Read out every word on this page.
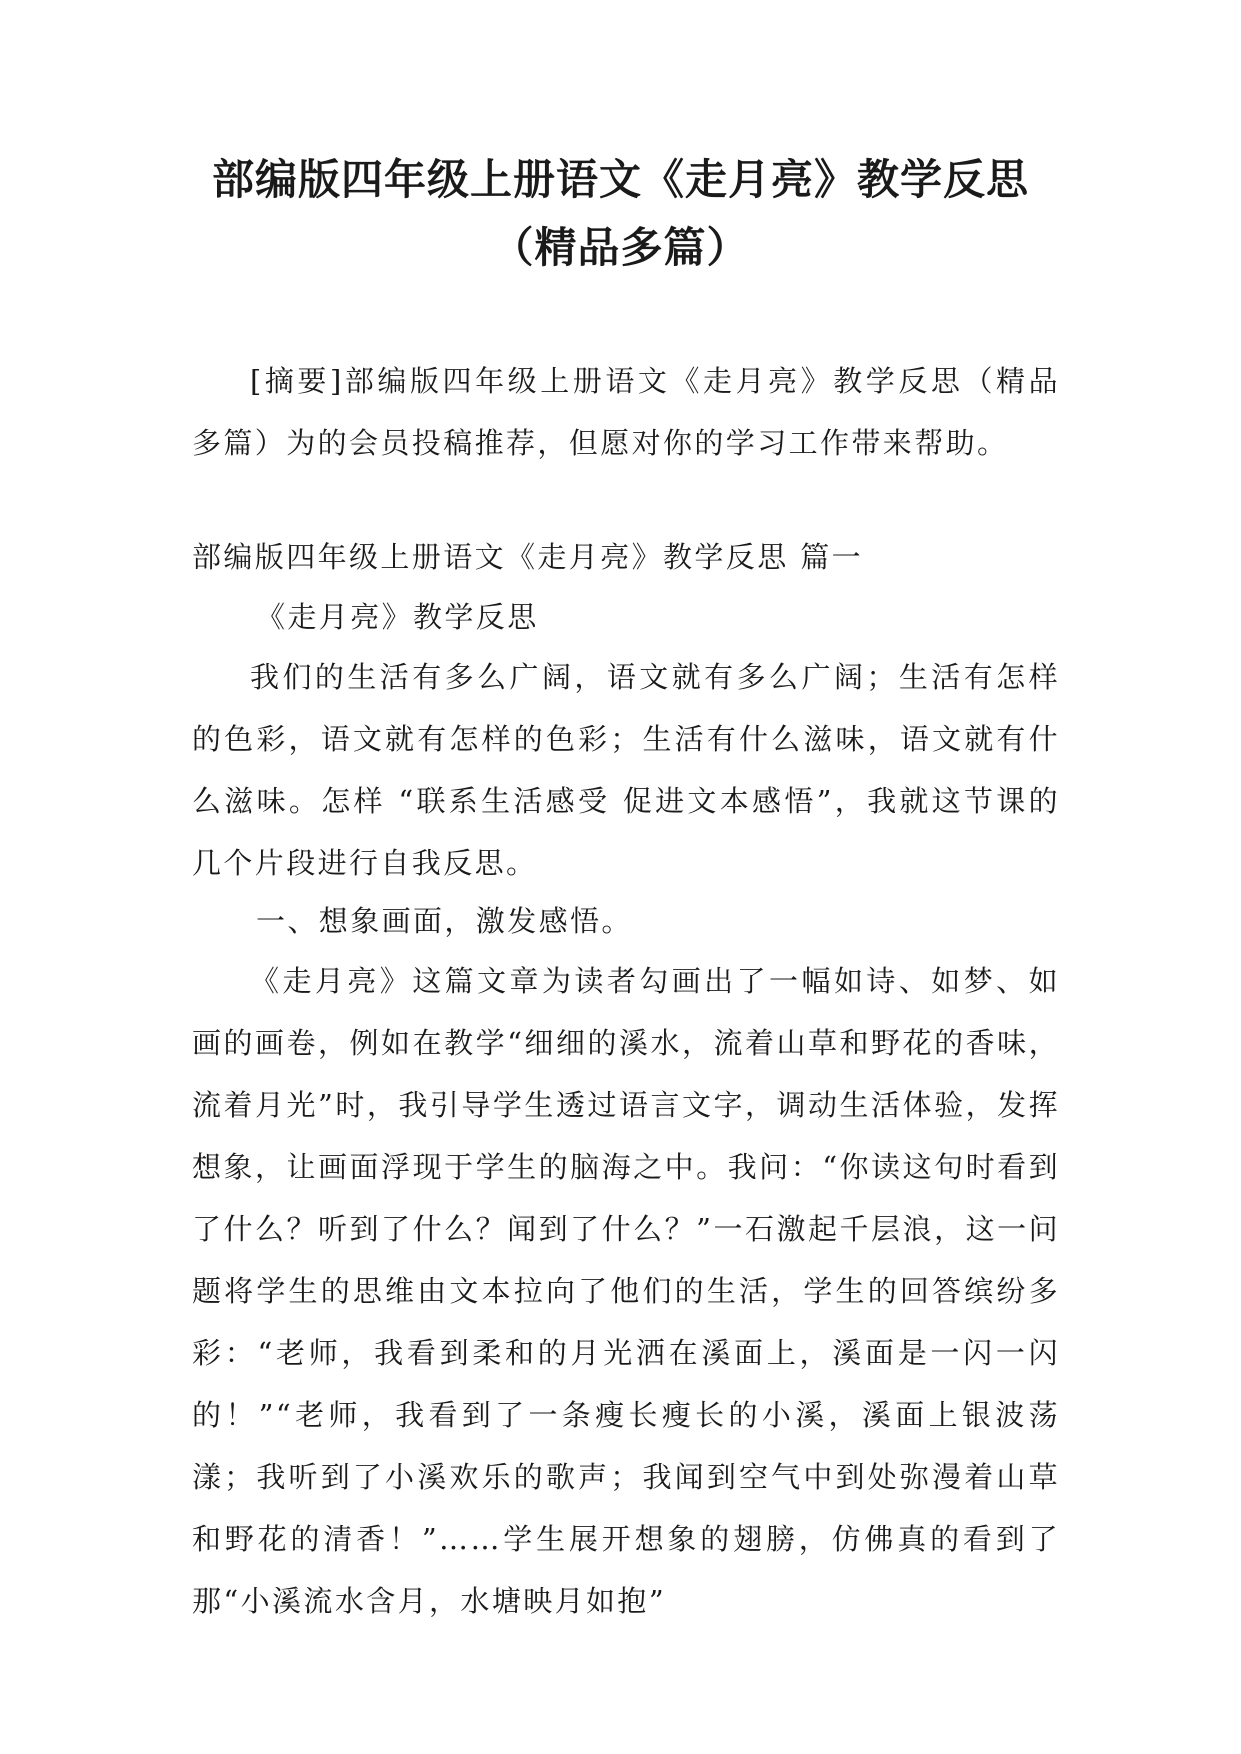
部编版四年级上册语文《走月亮》教学反思
（精品多篇）

[摘要]部编版四年级上册语文《走月亮》教学反思（精品多篇）为的会员投稿推荐，但愿对你的学习工作带来帮助。

部编版四年级上册语文《走月亮》教学反思 篇一

《走月亮》教学反思

我们的生活有多么广阔，语文就有多么广阔；生活有怎样的色彩，语文就有怎样的色彩；生活有什么滋味，语文就有什么滋味。怎样 “联系生活感受 促进文本感悟”，我就这节课的几个片段进行自我反思。

一、想象画面，激发感悟。

《走月亮》这篇文章为读者勾画出了一幅如诗、如梦、如画的画卷，例如在教学“细细的溪水，流着山草和野花的香味，流着月光”时，我引导学生透过语言文字，调动生活体验，发挥想象，让画面浮现于学生的脑海之中。我问：“你读这句时看到了什么？听到了什么？闻到了什么？”一石激起千层浪，这一问题将学生的思维由文本拉向了他们的生活，学生的回答缤纷多彩：“老师，我看到柔和的月光洒在溪面上，溪面是一闪一闪的！”“老师，我看到了一条瘦长瘦长的小溪，溪面上银波荡漾；我听到了小溪欢乐的歌声；我闻到空气中到处弥漫着山草和野花的清香！”……学生展开想象的翅膀，仿佛真的看到了那“小溪流水含月，水塘映月如抱”
